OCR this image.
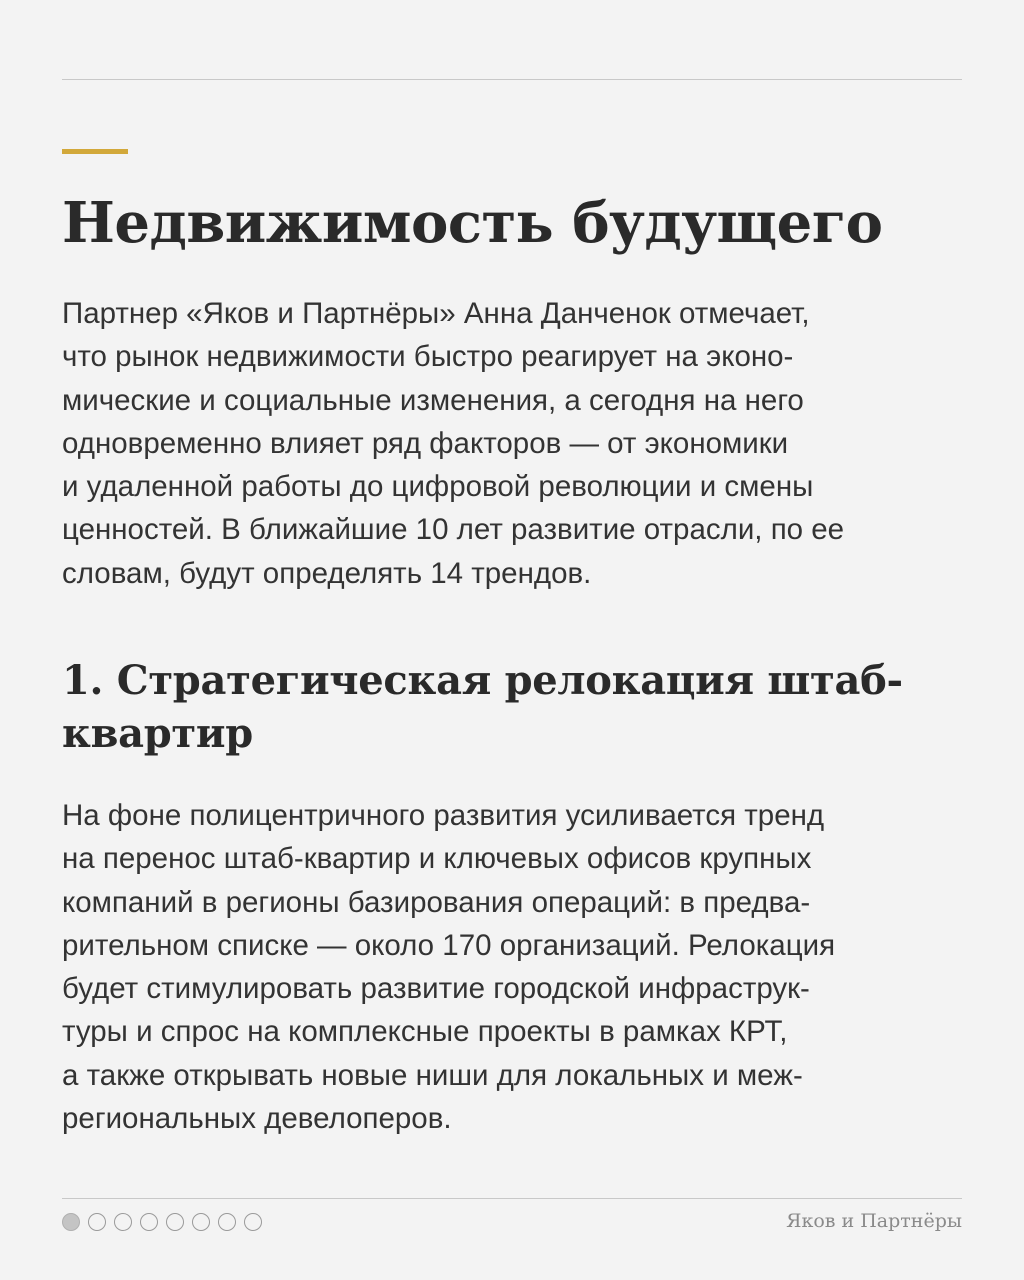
Недвижимость будущего
Партнер «Яков и Партнёры» Анна Данченок отмечает,
что рынок недвижимости быстро реагирует на эконо-
мические и социальные изменения, а сегодня на него
одновременно влияет ряд факторов — от экономики
и удаленной работы до цифровой революции и смены
ценностей. В ближайшие 10 лет развитие отрасли, по ее
словам, будут определять 14 трендов.
1. Стратегическая релокация штаб-
квартир
На фоне полицентричного развития усиливается тренд
на перенос штаб-квартир и ключевых офисов крупных
компаний в регионы базирования операций: в предва-
рительном списке — около 170 организаций. Релокация
будет стимулировать развитие городской инфраструк-
туры и спрос на комплексные проекты в рамках КРТ,
а также открывать новые ниши для локальных и меж-
региональных девелоперов.
Яков и Партнёры
